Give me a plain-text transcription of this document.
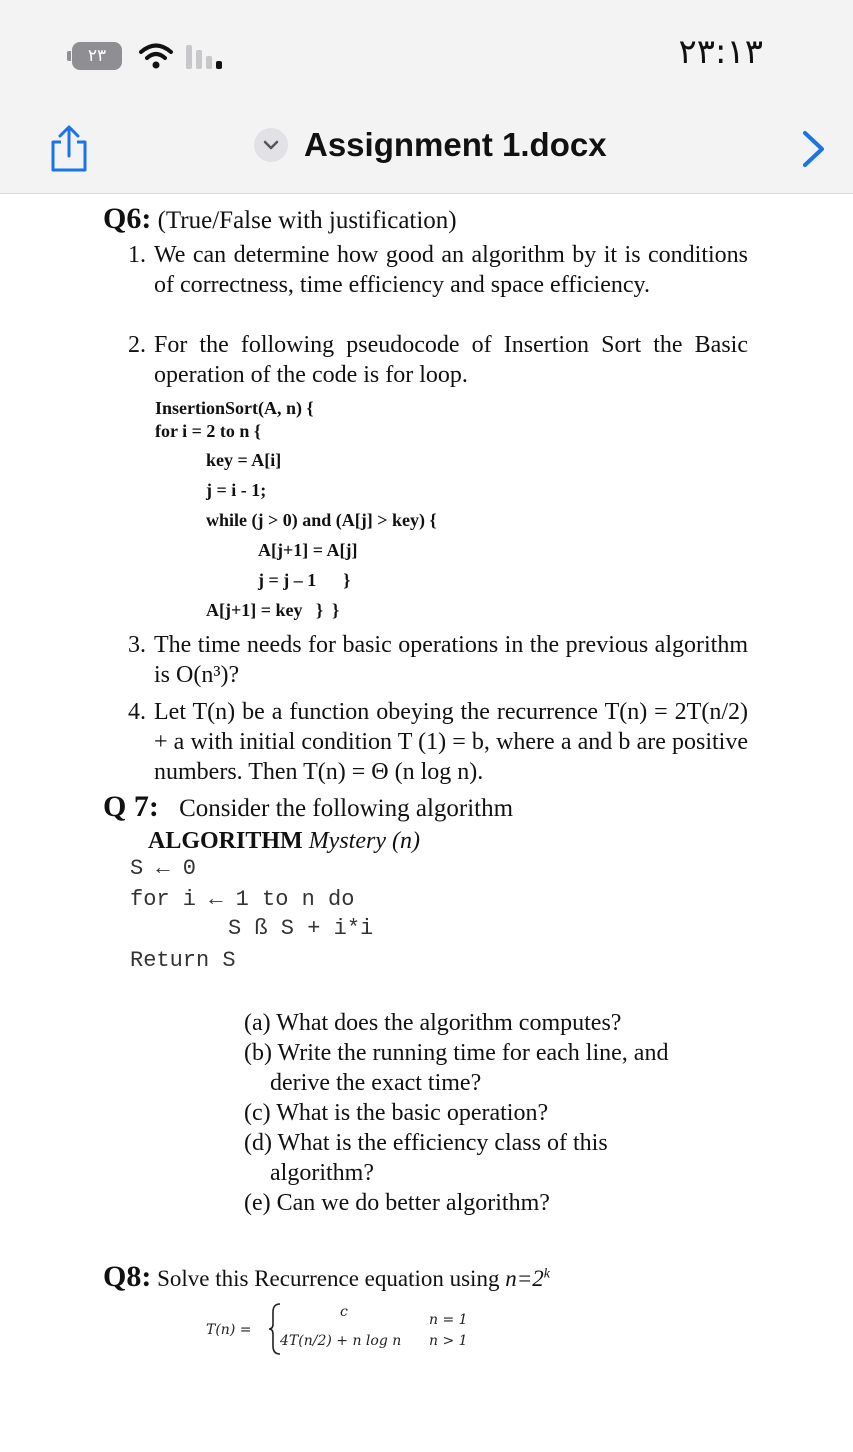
۲۳	۲۳:۱۳
Assignment 1.docx
Q6: (True/False with justification)
1. We can determine how good an algorithm by it is conditions of correctness, time efficiency and space efficiency.
2. For the following pseudocode of Insertion Sort the Basic operation of the code is for loop.
InsertionSort(A, n) {
for i = 2 to n {
key = A[i]
j = i - 1;
while (j > 0) and (A[j] > key) {
A[j+1] = A[j]
j = j – 1      }
A[j+1] = key   }  }
3. The time needs for basic operations in the previous algorithm is O(n³)?
4. Let T(n) be a function obeying the recurrence T(n) = 2T(n/2) + a with initial condition T (1) = b, where a and b are positive numbers. Then T(n) = Θ (n log n).
Q 7: Consider the following algorithm
ALGORITHM Mystery (n)
S ← 0
for i ← 1 to n do
S ß S + i*i
Return S
(a) What does the algorithm computes?
(b) Write the running time for each line, and
derive the exact time?
(c) What is the basic operation?
(d) What is the efficiency class of this
algorithm?
(e) Can we do better algorithm?
Q8: Solve this Recurrence equation using $n=2^k$
T(n) =
c	n = 1
4T(n/2) + n log n n > 1
